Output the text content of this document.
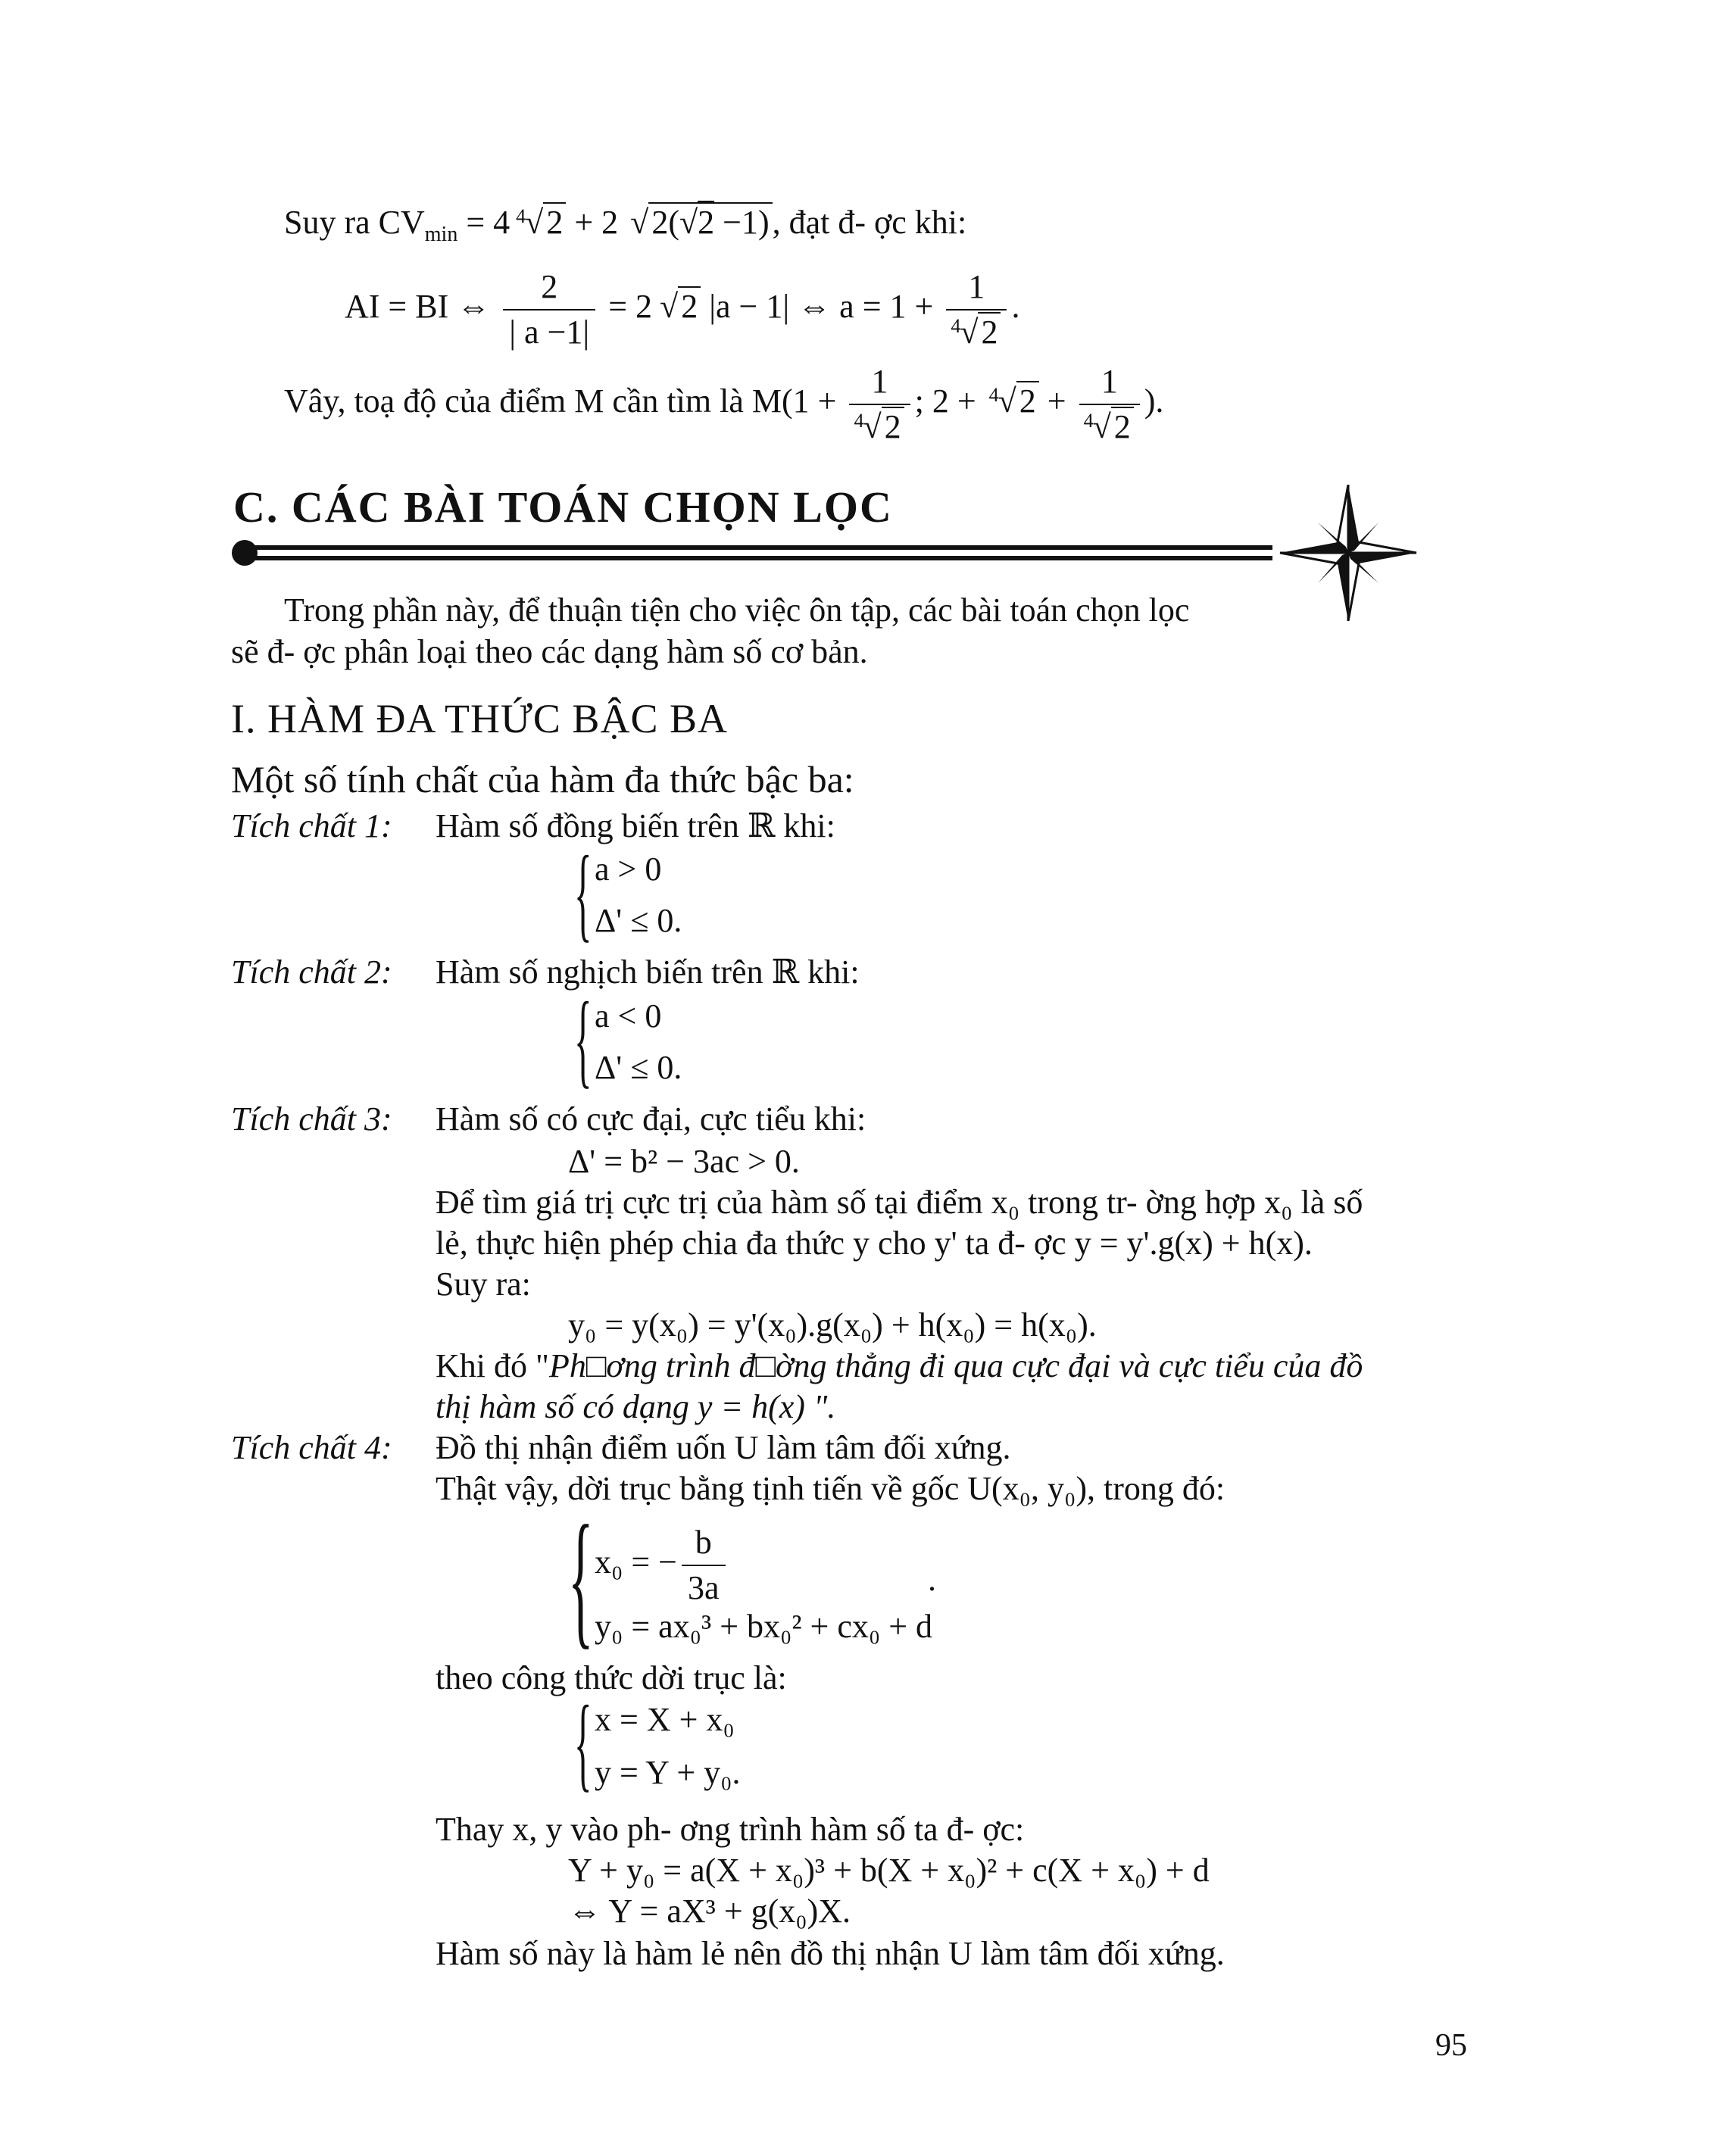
Suy ra $CV_{min} = 4$ 4 √2 + 2 √2(√2 −1), đạt đ- ợc khi:
AI = BI ⇔ $\frac{2}{| a -1|} = 2$ √2 |a − 1| ⇔ $a = 1 + \frac{1}{4 √2}$ .
Vây, toạ độ của điểm M cần tìm là $M(1 + \frac{1}{4 √2}$ ; 2 + 4 $√2 + \frac{1}{4 √2}$ ).
C. CÁC BÀI TOÁN CHỌN LỌC
Trong phần này, để thuận tiện cho việc ôn tập, các bài toán chọn lọc
sẽ đ- ợc phân loại theo các dạng hàm số cơ bản.
I. HÀM ĐA THỨC BẬC BA
Một số tính chất của hàm đa thức bậc ba:
Tích chất 1: Hàm số đồng biến trên ℝ khi:
{ a > 0
Δ' ≤ 0.
Tích chất 2: Hàm số nghịch biến trên ℝ khi:
{ a < 0
Δ' ≤ 0.
Tích chất 3: Hàm số có cực đại, cực tiểu khi:
Δ' = b² − 3ac > 0.
Để tìm giá trị cực trị của hàm số tại điểm x₀ trong tr- ờng hợp x₀ là số
lẻ, thực hiện phép chia đa thức y cho y' ta đ- ợc y = y'.g(x) + h(x).
Suy ra:
y₀ = y(x₀) = y'(x₀).g(x₀) + h(x₀) = h(x₀).
Khi đó "Ph□ơng trình đ□ờng thẳng đi qua cực đại và cực tiểu của đồ
thị hàm số có dạng y = h(x) ".
Tích chất 4: Đồ thị nhận điểm uốn U làm tâm đối xứng.
Thật vậy, dời trục bằng tịnh tiến về gốc U(x₀, y₀), trong đó:
{ x₀ = − $\frac{b}{3a}$	.
y₀ = ax₀³ + bx₀² + cx₀ + d
theo công thức dời trục là:
{ x = X + x₀
y = Y + y₀.
Thay x, y vào ph- ơng trình hàm số ta đ- ợc:
Y + y₀ = a(X + x₀)³ + b(X + x₀)² + c(X + x₀) + d
⇔ Y = aX³ + g(x₀)X.
Hàm số này là hàm lẻ nên đồ thị nhận U làm tâm đối xứng.
95
